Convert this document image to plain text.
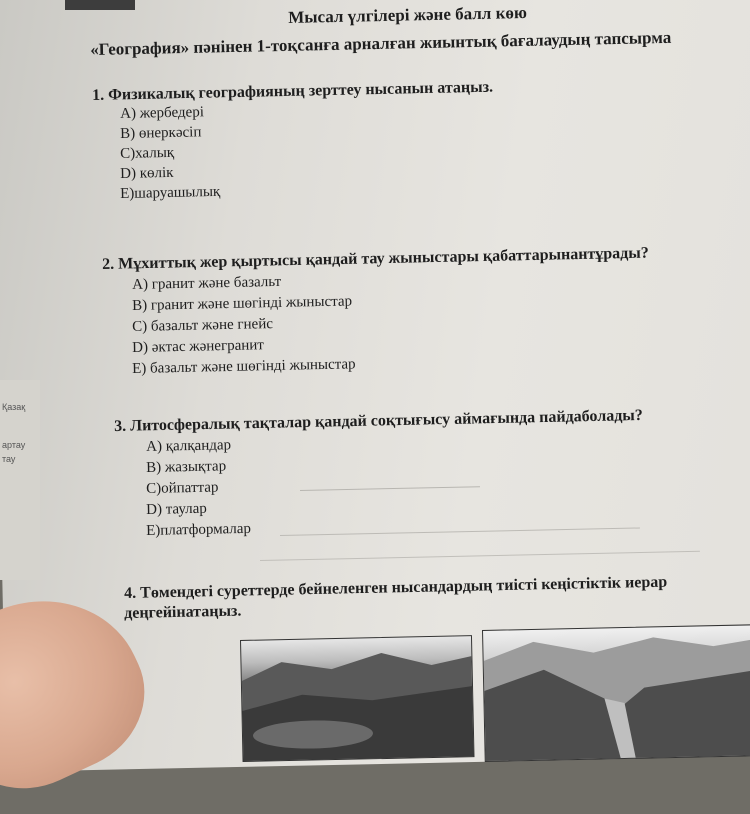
Қазақ
артау
тау
Мысал үлгілері және балл көю
«География» пәнінен 1-тоқсанға арналған жиынтық бағалаудың тапсырма
1. Физикалық географияның зерттеу нысанын атаңыз.
A) жербедері
B) өнеркәсіп
C)халық
D) көлік
E)шаруашылық
2. Мұхиттық жер қыртысы қандай тау жыныстары қабаттарынантұрады?
A) гранит және базальт
B) гранит және шөгінді жыныстар
C) базальт және гнейс
D) әктас жәнегранит
E) базальт және шөгінді жыныстар
3. Литосфералық тақталар қандай соқтығысу аймағында пайдаболады?
A) қалқандар
B) жазықтар
C)ойпаттар
D) таулар
E)платформалар
4. Төмендегі суреттерде бейнеленген нысандардың тиісті кеңістіктік иерар
деңгейінатаңыз.
